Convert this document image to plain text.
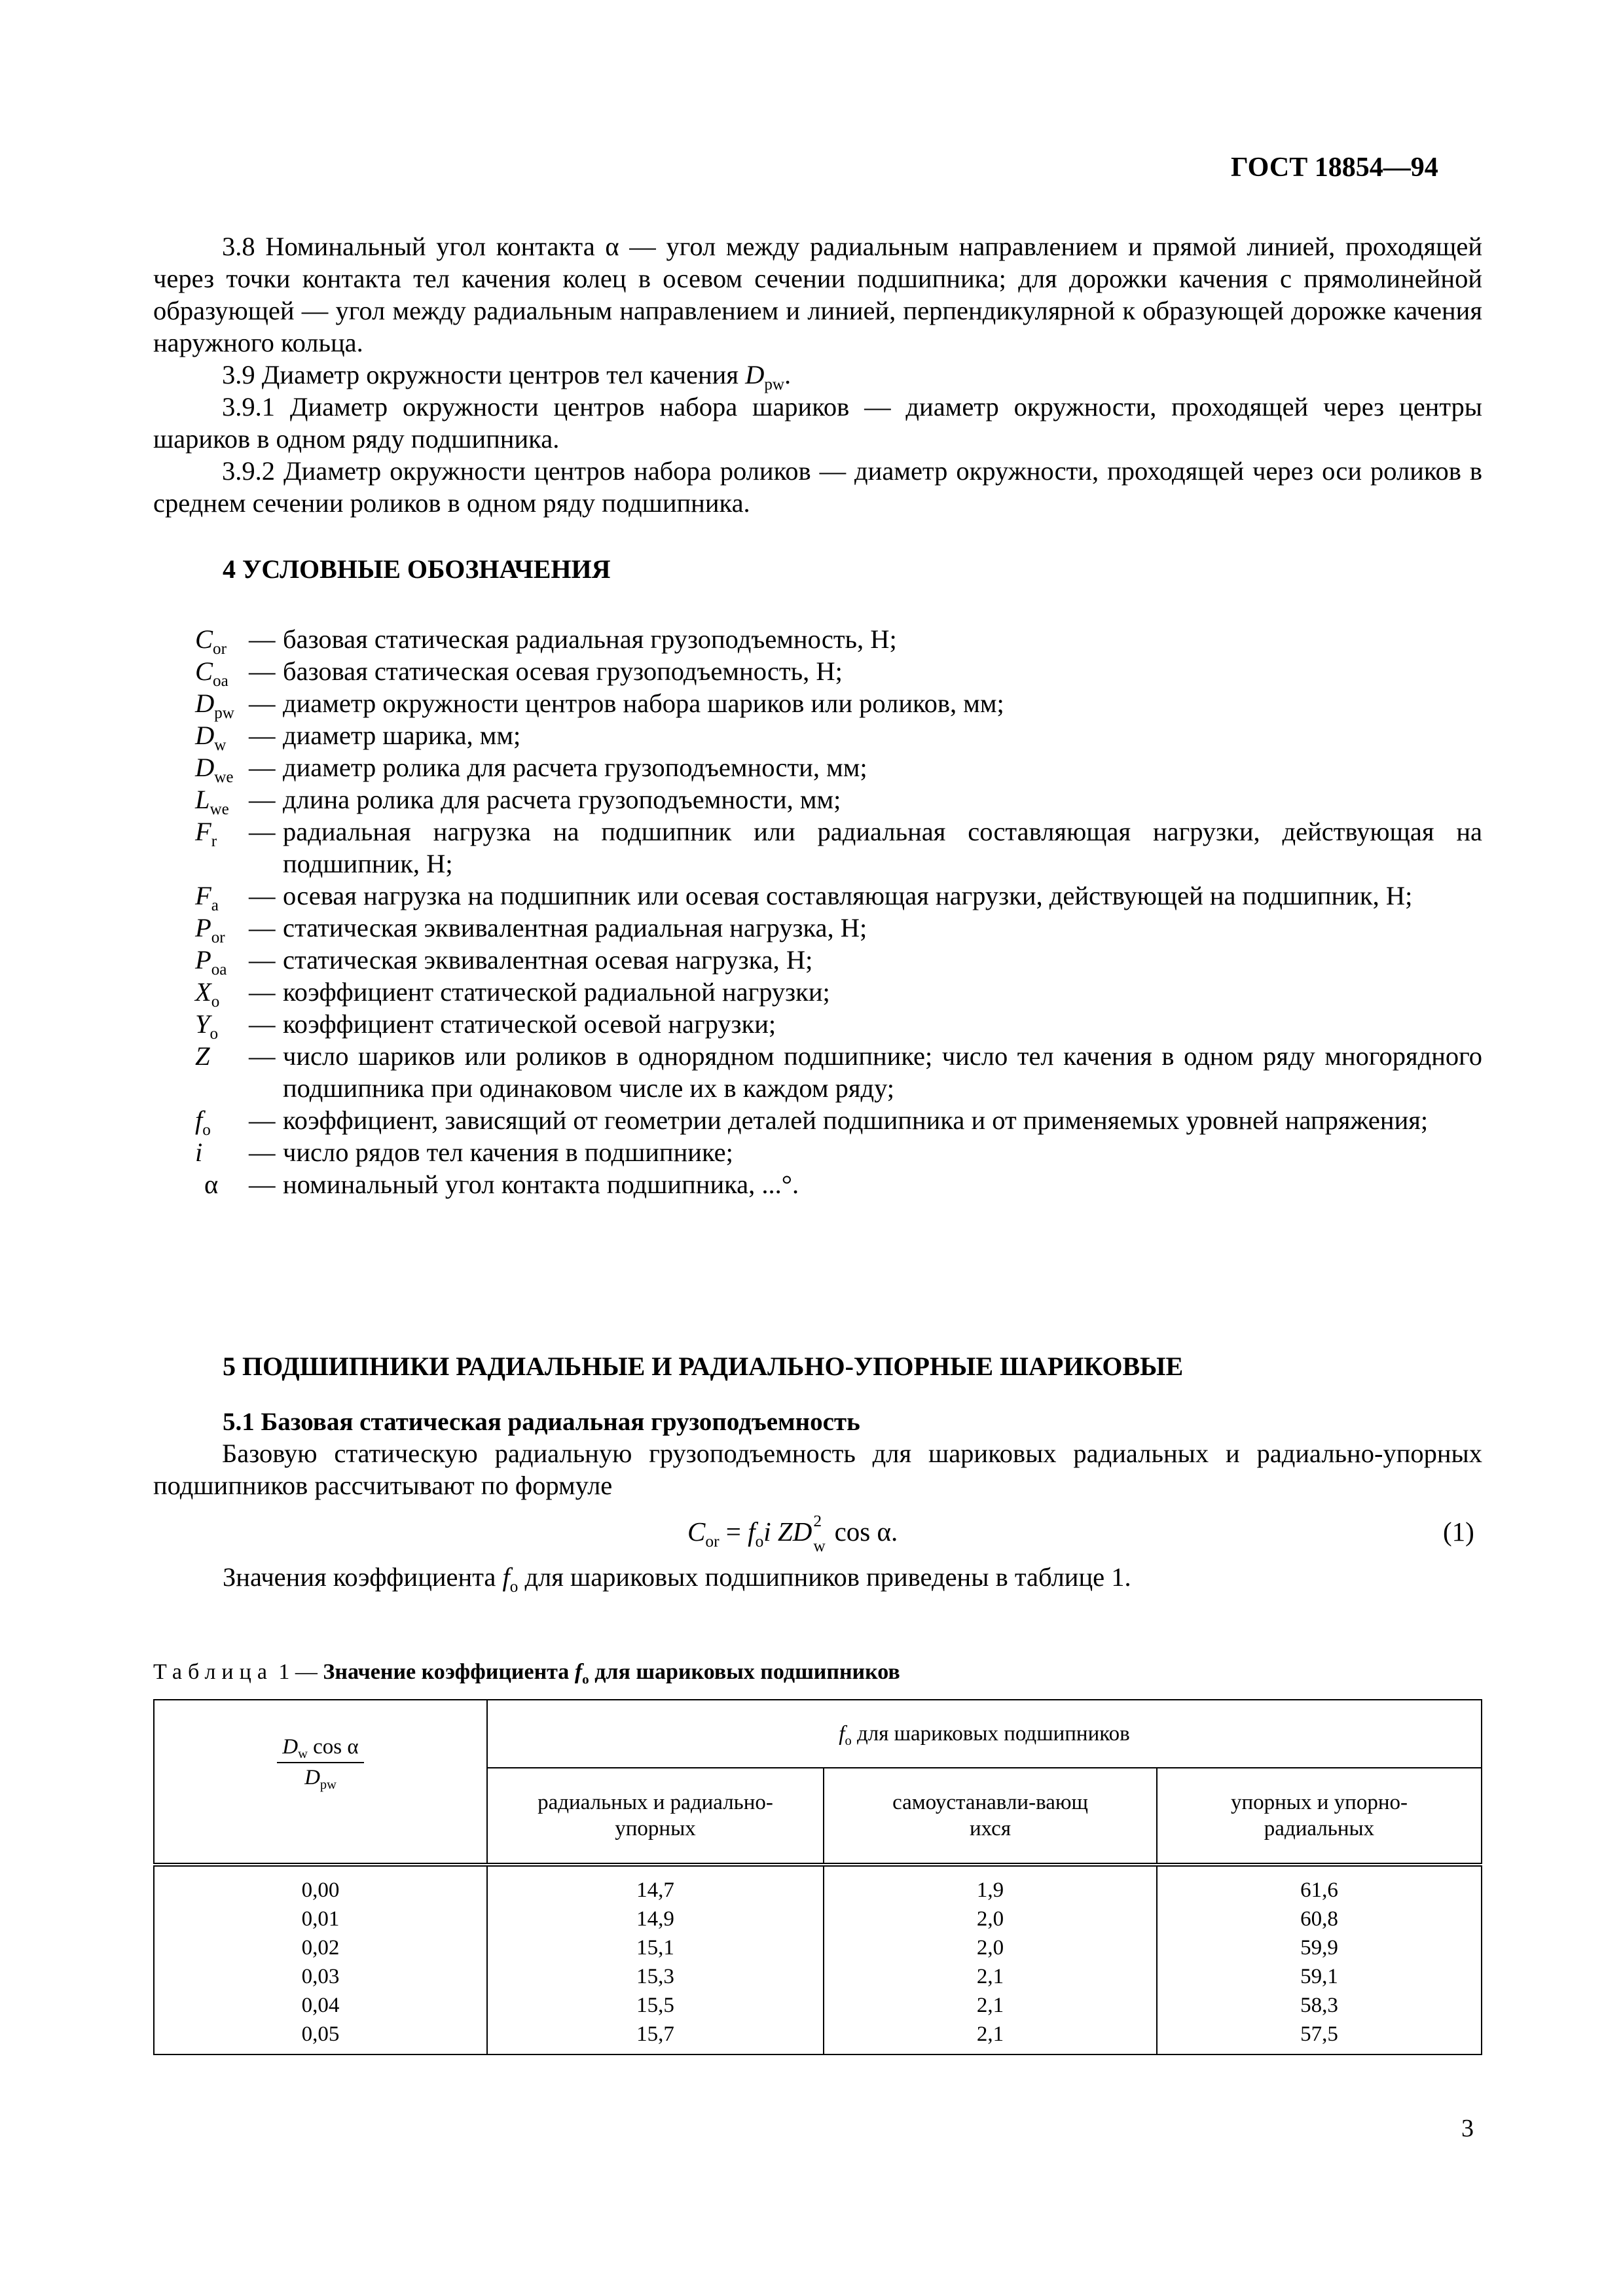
ГОСТ 18854—94

3.8 Номинальный угол контакта α — угол между радиальным направлением и прямой линией, проходящей через точки контакта тел качения колец в осевом сечении подшипника; для дорожки качения с прямолинейной образующей — угол между радиальным направлением и линией, перпендикулярной к образующей дорожке качения наружного кольца.

3.9 Диаметр окружности центров тел качения $D_{pw}$.

3.9.1 Диаметр окружности центров набора шариков — диаметр окружности, проходящей через центры шариков в одном ряду подшипника.

3.9.2 Диаметр окружности центров набора роликов — диаметр окружности, проходящей через оси роликов в среднем сечении роликов в одном ряду подшипника.

4 УСЛОВНЫЕ ОБОЗНАЧЕНИЯ
$C_{or}$ — базовая статическая радиальная грузоподъемность, Н;
$C_{oa}$ — базовая статическая осевая грузоподъемность, Н;
$D_{pw}$ — диаметр окружности центров набора шариков или роликов, мм;
$D_w$ — диаметр шарика, мм;
$D_{we}$ — диаметр ролика для расчета грузоподъемности, мм;
$L_{we}$ — длина ролика для расчета грузоподъемности, мм;
$F_r$	— радиальная нагрузка на подшипник или радиальная составляющая нагрузки, действующая на подшипник, Н;
$F_a$	— осевая нагрузка на подшипник или осевая составляющая нагрузки, действующей на подшипник, Н;
$P_{or}$ — статическая эквивалентная радиальная нагрузка, Н;
$P_{oa}$ — статическая эквивалентная осевая нагрузка, Н;
$X_o$	— коэффициент статической радиальной нагрузки;
$Y_o$	— коэффициент статической осевой нагрузки;
Z	— число шариков или роликов в однорядном подшипнике; число тел качения в одном ряду многорядного подшипника при одинаковом числе их в каждом ряду;
$f_o$	— коэффициент, зависящий от геометрии деталей подшипника и от применяемых уровней напряжения;
i	— число рядов тел качения в подшипнике;
α	— номинальный угол контакта подшипника, ...°.
5 ПОДШИПНИКИ РАДИАЛЬНЫЕ И РАДИАЛЬНО-УПОРНЫЕ ШАРИКОВЫЕ
5.1 Базовая статическая радиальная грузоподъемность

Базовую статическую радиальную грузоподъемность для шариковых радиальных и радиально-упорных подшипников рассчитывают по формуле

$C_{or} = f_oi$ ZD 2
w cos α.	(1)
Значения коэффициента $f_o$ для шариковых подшипников приведены в таблице 1.
Таблица 1 — Значение коэффициента $f_o$ для шариковых подшипников
$\frac{D_w \cos \alpha}{D_{pw}}$	$f_o$ для шариковых подшипников		
	радиальных и радиально-упорных	самоустанавли-вающихся	упорных и упорно-радиальных
0,00	14,7	1,9	61,6
0,01	14,9	2,0	60,8
0,02	15,1	2,0	59,9
0,03	15,3	2,1	59,1
0,04	15,5	2,1	58,3
0,05	15,7	2,1	57,5
3
